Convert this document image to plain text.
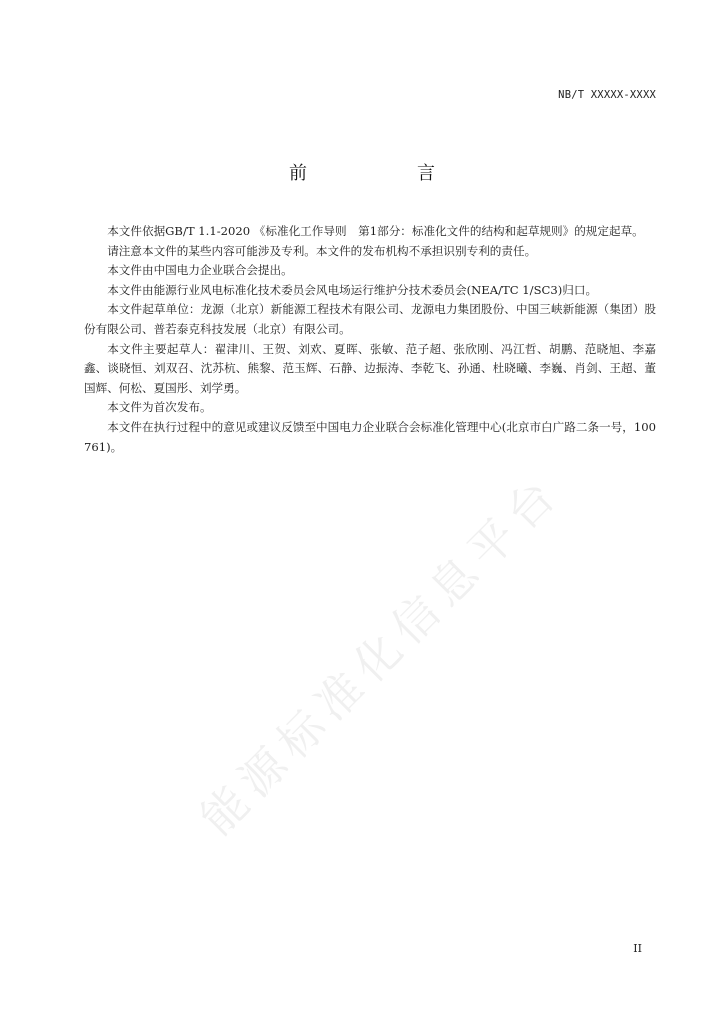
NB/T XXXXX-XXXX
前　言

本文件依据GB/T 1.1-2020 《标准化工作导则　第1部分：标准化文件的结构和起草规则》的规定起草。

请注意本文件的某些内容可能涉及专利。本文件的发布机构不承担识别专利的责任。

本文件由中国电力企业联合会提出。

本文件由能源行业风电标准化技术委员会风电场运行维护分技术委员会(NEA/TC 1/SC3)归口。

本文件起草单位：龙源（北京）新能源工程技术有限公司、龙源电力集团股份、中国三峡新能源（集团）股份有限公司、普若泰克科技发展（北京）有限公司。

本文件主要起草人：翟津川、王贺、刘欢、夏晖、张敏、范子超、张欣刚、冯江哲、胡鹏、范晓旭、李嘉鑫、谈晓恒、刘双召、沈苏杭、熊黎、范玉辉、石静、边振涛、李乾飞、孙通、杜晓曦、李巍、肖剑、王超、董国辉、何松、夏国彤、刘学勇。

本文件为首次发布。

本文件在执行过程中的意见或建议反馈至中国电力企业联合会标准化管理中心(北京市白广路二条一号，100761)。

能源标准化信息平台
II
